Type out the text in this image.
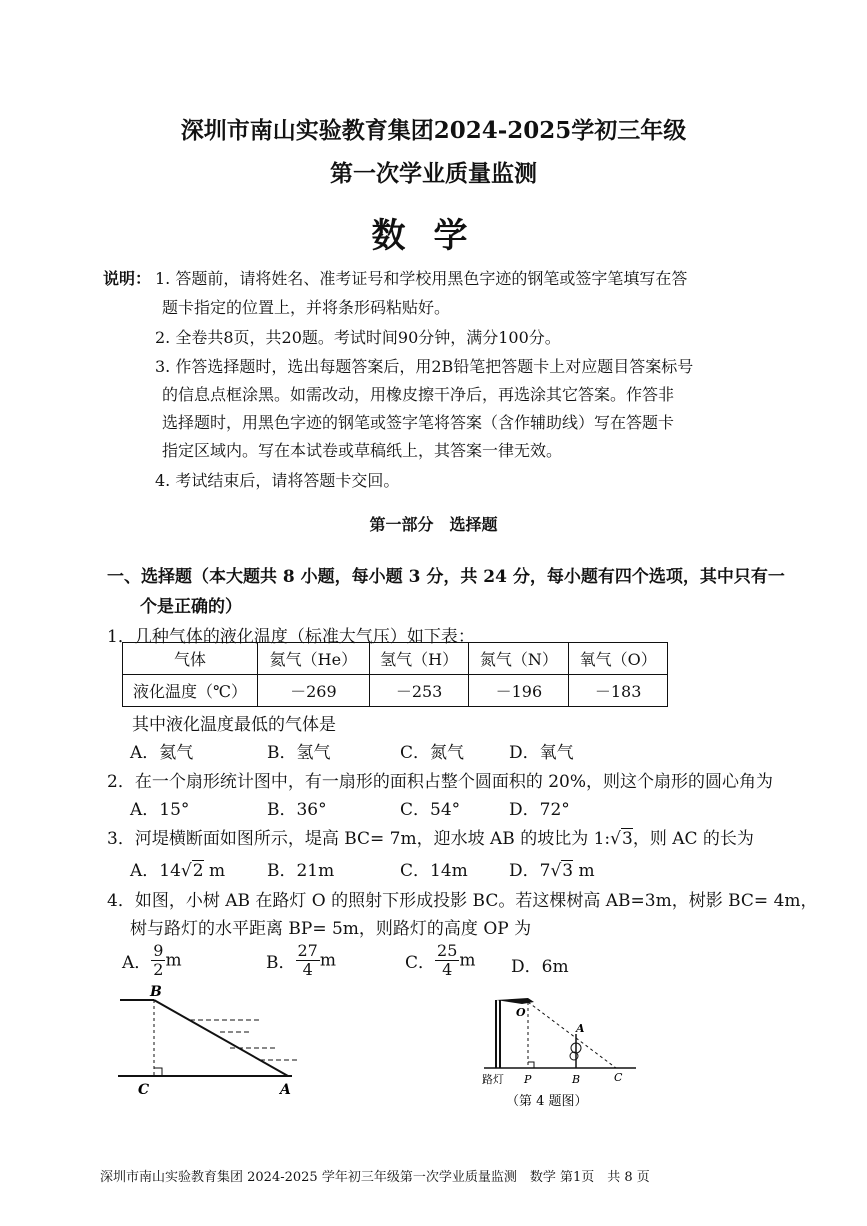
深圳市南山实验教育集团2024-2025学初三年级
第一次学业质量监测
数学
说明： 1. 答题前，请将姓名、准考证号和学校用黑色字迹的钢笔或签字笔填写在答
题卡指定的位置上，并将条形码粘贴好。
2. 全卷共8页，共20题。考试时间90分钟，满分100分。
3. 作答选择题时，选出每题答案后，用2B铅笔把答题卡上对应题目答案标号
的信息点框涂黑。如需改动，用橡皮擦干净后，再选涂其它答案。作答非
选择题时，用黑色字迹的钢笔或签字笔将答案（含作辅助线）写在答题卡
指定区域内。写在本试卷或草稿纸上，其答案一律无效。
4. 考试结束后，请将答题卡交回。
第一部分　选择题
一、选择题（本大题共 8 小题，每小题 3 分，共 24 分，每小题有四个选项，其中只有一
个是正确的）
1．几种气体的液化温度（标准大气压）如下表：
气体	氦气（He）	氢气（H）	氮气（N）	氧气（O）
液化温度（℃）	－269	－253	－196	－183
其中液化温度最低的气体是
A．氦气	B．氢气	C．氮气	D．氧气
2．在一个扇形统计图中，有一扇形的面积占整个圆面积的 20%，则这个扇形的圆心角为
A．15°	B．36°	C．54°	D．72°
3．河堤横断面如图所示，堤高 BC= 7m，迎水坡 AB 的坡比为 1:√3，则 AC 的长为
A．14√2 m B．21m	C．14m D．7√3 m
4．如图，小树 AB 在路灯 O 的照射下形成投影 BC。若这棵树高 AB=3m，树影 BC= 4m，
树与路灯的水平距离 BP= 5m，则路灯的高度 OP 为
A． $\frac{9}{2}$ m	B． $\frac{27}{4}$ m	C． $\frac{25}{4}$ m D．6m
B
C	A
O
A
路灯 P	B	C
（第 4 题图）
深圳市南山实验教育集团 2024-2025 学年初三年级第一次学业质量监测　数学 第1页　共 8 页
